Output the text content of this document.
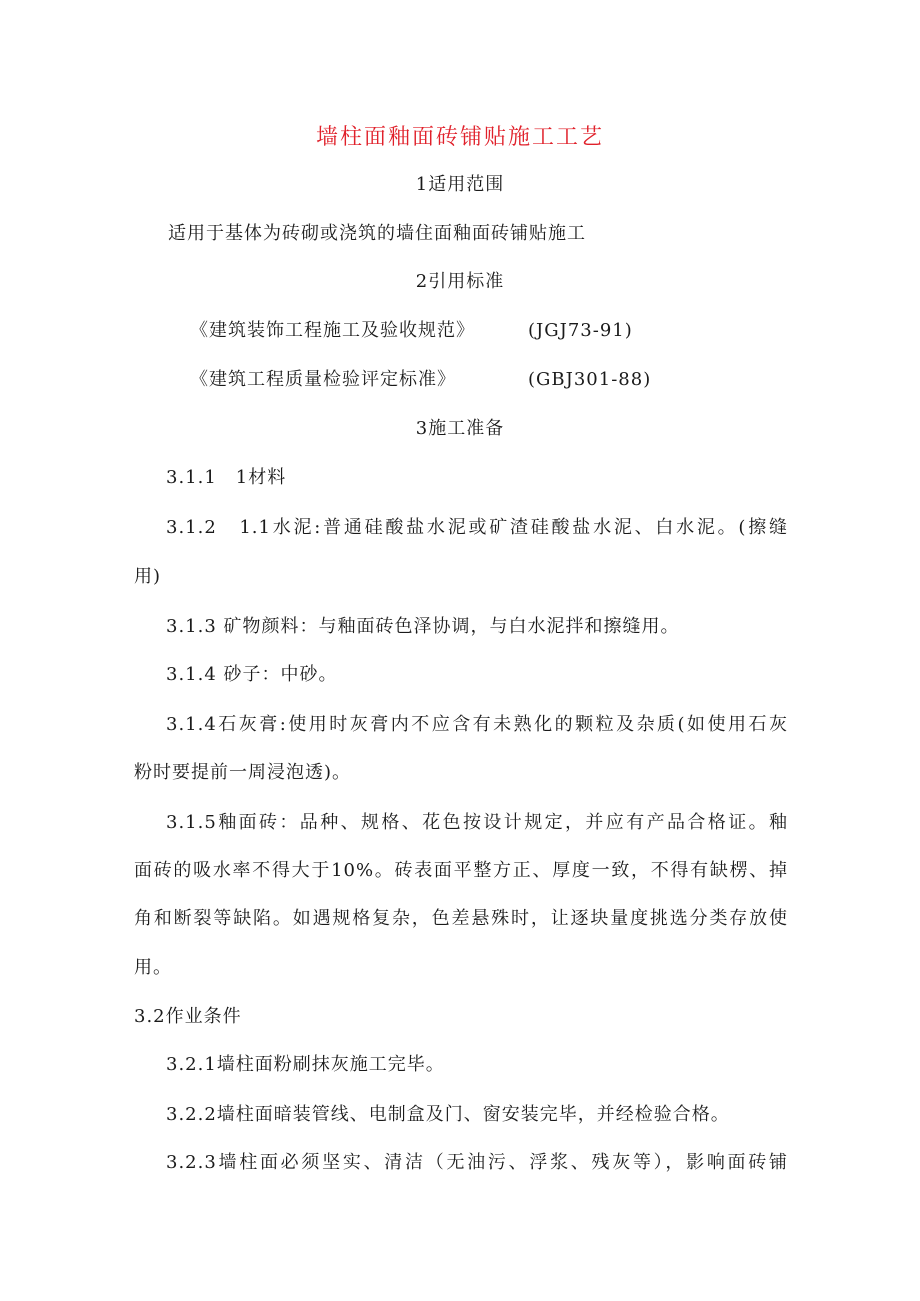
墙柱面釉面砖铺贴施工工艺
1适用范围
适用于基体为砖砌或浇筑的墙住面釉面砖铺贴施工
2引用标准
《建筑装饰工程施工及验收规范》	(JGJ73-91)
《建筑工程质量检验评定标准》	(GBJ301-88)
3施工准备
3.1.1　1材料
3.1.2　1.1水泥:普通硅酸盐水泥或矿渣硅酸盐水泥、白水泥。(擦缝
用)
3.1.3 矿物颜料：与釉面砖色泽协调，与白水泥拌和擦缝用。
3.1.4 砂子：中砂。
3.1.4石灰膏:使用时灰膏内不应含有未熟化的颗粒及杂质(如使用石灰
粉时要提前一周浸泡透)。
3.1.5釉面砖：品种、规格、花色按设计规定，并应有产品合格证。釉
面砖的吸水率不得大于10%。砖表面平整方正、厚度一致，不得有缺楞、掉
角和断裂等缺陷。如遇规格复杂，色差悬殊时，让逐块量度挑选分类存放使
用。
3.2作业条件
3.2.1墙柱面粉刷抹灰施工完毕。
3.2.2墙柱面暗装管线、电制盒及门、窗安装完毕，并经检验合格。
3.2.3墙柱面必须坚实、清洁（无油污、浮浆、残灰等），影响面砖铺
